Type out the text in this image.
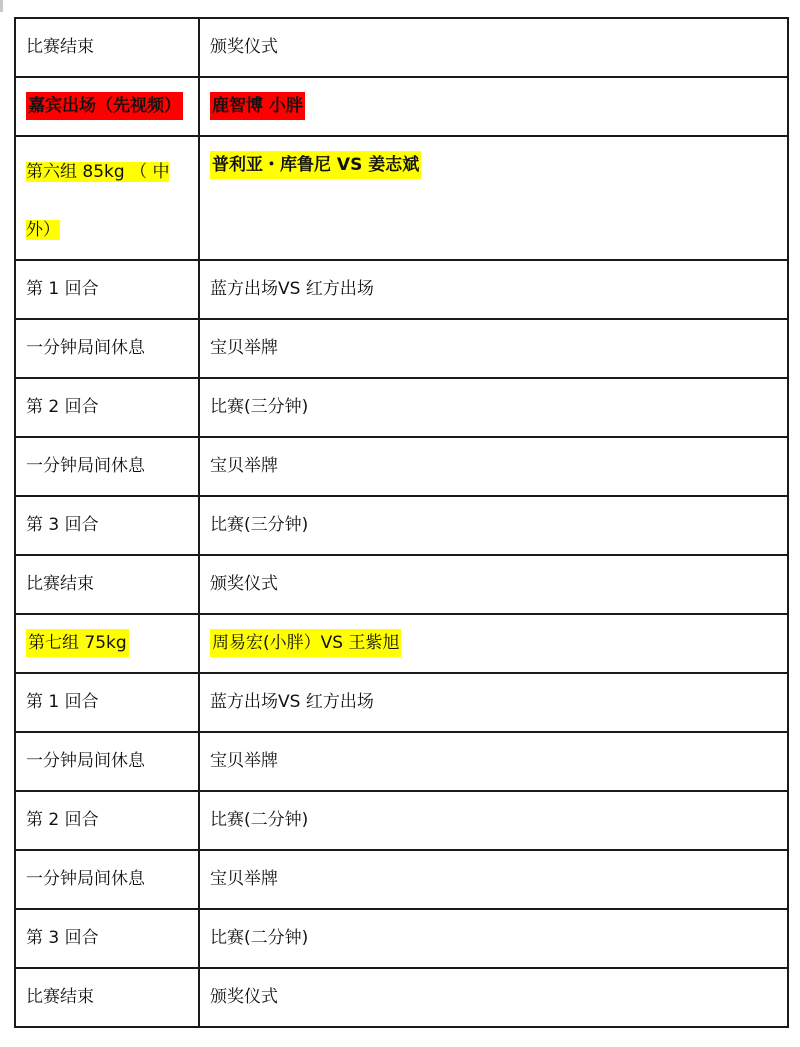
比赛结束	颁奖仪式

嘉宾出场（先视频）	鹿智博 小胖

第六组 85kg （ 中外）	普利亚・库鲁尼 VS 姜志斌

第 1 回合	蓝方出场VS 红方出场

一分钟局间休息	宝贝举牌

第 2 回合	比赛(三分钟)

一分钟局间休息	宝贝举牌

第 3 回合	比赛(三分钟)

比赛结束	颁奖仪式

第七组 75kg	周易宏(小胖）VS 王紫旭

第 1 回合	蓝方出场VS 红方出场

一分钟局间休息	宝贝举牌

第 2 回合	比赛(二分钟)

一分钟局间休息	宝贝举牌

第 3 回合	比赛(二分钟)

比赛结束	颁奖仪式
